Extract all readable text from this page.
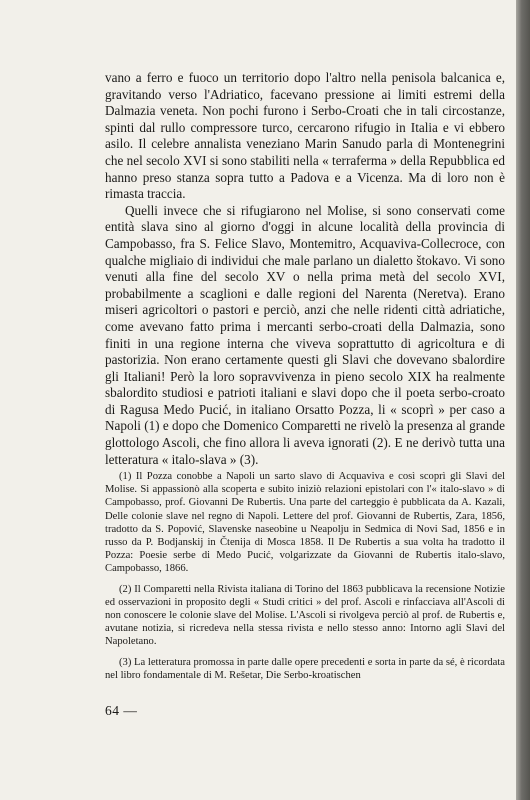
vano a ferro e fuoco un territorio dopo l'altro nella penisola balcanica e, gravitando verso l'Adriatico, facevano pressione ai limiti estremi della Dalmazia veneta. Non pochi furono i Serbo-Croati che in tali circostanze, spinti dal rullo compressore turco, cercarono rifugio in Italia e vi ebbero asilo. Il celebre annalista veneziano Marin Sanudo parla di Montenegrini che nel secolo XVI si sono stabiliti nella « terraferma » della Repubblica ed hanno preso stanza sopra tutto a Padova e a Vicenza. Ma di loro non è rimasta traccia.

Quelli invece che si rifugiarono nel Molise, si sono conservati come entità slava sino al giorno d'oggi in alcune località della provincia di Campobasso, fra S. Felice Slavo, Montemitro, Acquaviva-Collecroce, con qualche migliaio di individui che male parlano un dialetto štokavo. Vi sono venuti alla fine del secolo XV o nella prima metà del secolo XVI, probabilmente a scaglioni e dalle regioni del Narenta (Neretva). Erano miseri agricoltori o pastori e perciò, anzi che nelle ridenti città adriatiche, come avevano fatto prima i mercanti serbo-croati della Dalmazia, sono finiti in una regione interna che viveva soprattutto di agricoltura e di pastorizia. Non erano certamente questi gli Slavi che dovevano sbalordire gli Italiani! Però la loro sopravvivenza in pieno secolo XIX ha realmente sbalordito studiosi e patrioti italiani e slavi dopo che il poeta serbo-croato di Ragusa Medo Pucić, in italiano Orsatto Pozza, li « scoprì » per caso a Napoli (1) e dopo che Domenico Comparetti ne rivelò la presenza al grande glottologo Ascoli, che fino allora li aveva ignorati (2). E ne derivò tutta una letteratura « italo-slava » (3).

(1) Il Pozza conobbe a Napoli un sarto slavo di Acquaviva e così scoprì gli Slavi del Molise. Si appassionò alla scoperta e subito iniziò relazioni epistolari con l'« italo-slavo » di Campobasso, prof. Giovanni De Rubertis. Una parte del carteggio è pubblicata da A. Kazali, Delle colonie slave nel regno di Napoli. Lettere del prof. Giovanni de Rubertis, Zara, 1856, tradotto da S. Popović, Slavenske naseobine u Neapolju in Sedmica di Novi Sad, 1856 e in russo da P. Bodjanskij in Čtenija di Mosca 1858. Il De Rubertis a sua volta ha tradotto il Pozza: Poesie serbe di Medo Pucić, volgarizzate da Giovanni de Rubertis italo-slavo, Campobasso, 1866.

(2) Il Comparetti nella Rivista italiana di Torino del 1863 pubblicava la recensione Notizie ed osservazioni in proposito degli « Studi critici » del prof. Ascoli e rinfacciava all'Ascoli di non conoscere le colonie slave del Molise. L'Ascoli si rivolgeva perciò al prof. de Rubertis e, avutane notizia, si ricredeva nella stessa rivista e nello stesso anno: Intorno agli Slavi del Napoletano.

(3) La letteratura promossa in parte dalle opere precedenti e sorta in parte da sé, è ricordata nel libro fondamentale di M. Rešetar, Die Serbo-kroatischen

64 —
